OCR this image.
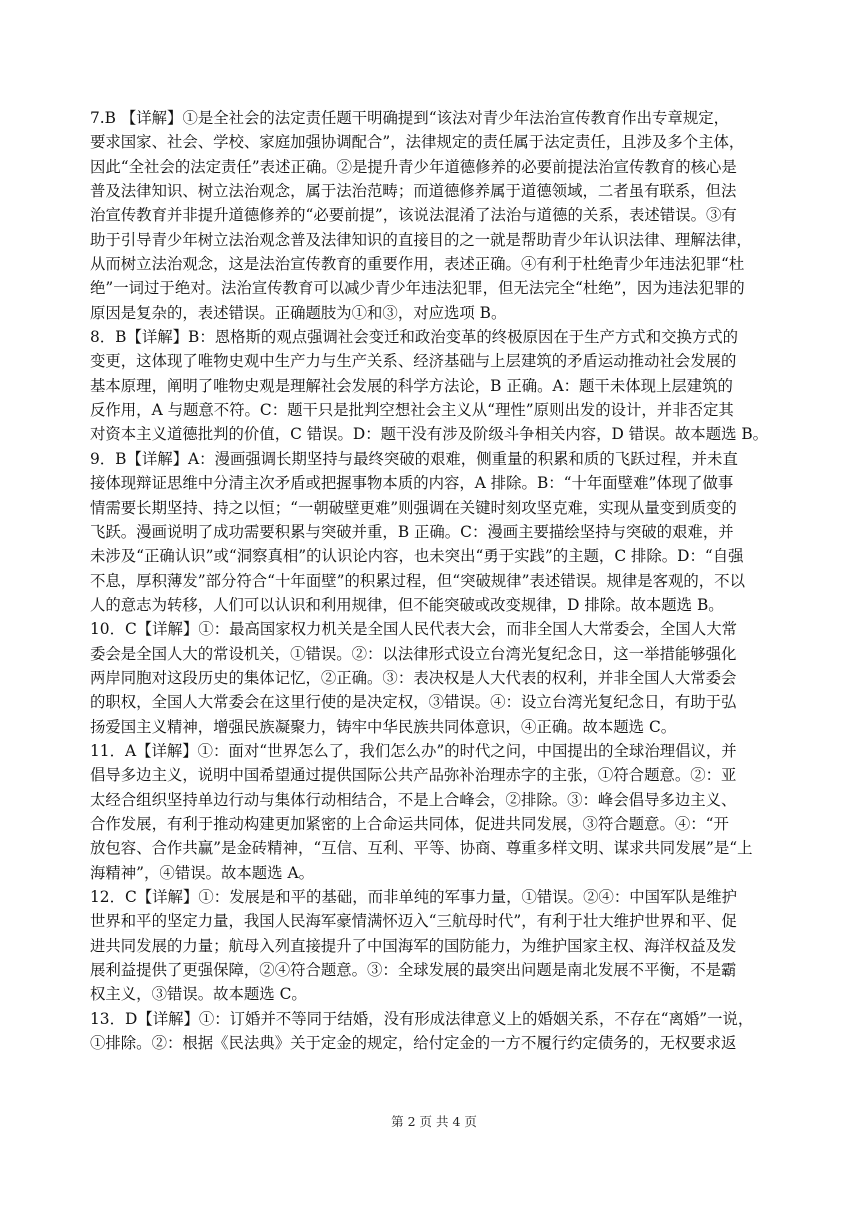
7.B 【详解】①是全社会的法定责任题干明确提到“该法对青少年法治宣传教育作出专章规定，
要求国家、社会、学校、家庭加强协调配合”，法律规定的责任属于法定责任，且涉及多个主体，
因此“全社会的法定责任”表述正确。②是提升青少年道德修养的必要前提法治宣传教育的核心是
普及法律知识、树立法治观念，属于法治范畴；而道德修养属于道德领域，二者虽有联系，但法
治宣传教育并非提升道德修养的“必要前提”，该说法混淆了法治与道德的关系，表述错误。③有
助于引导青少年树立法治观念普及法律知识的直接目的之一就是帮助青少年认识法律、理解法律，
从而树立法治观念，这是法治宣传教育的重要作用，表述正确。④有利于杜绝青少年违法犯罪“杜
绝”一词过于绝对。法治宣传教育可以减少青少年违法犯罪，但无法完全“杜绝”，因为违法犯罪的
原因是复杂的，表述错误。正确题肢为①和③，对应选项 B。
8．B【详解】B：恩格斯的观点强调社会变迁和政治变革的终极原因在于生产方式和交换方式的
变更，这体现了唯物史观中生产力与生产关系、经济基础与上层建筑的矛盾运动推动社会发展的
基本原理，阐明了唯物史观是理解社会发展的科学方法论，B 正确。A：题干未体现上层建筑的
反作用，A 与题意不符。C：题干只是批判空想社会主义从“理性”原则出发的设计，并非否定其
对资本主义道德批判的价值，C 错误。D：题干没有涉及阶级斗争相关内容，D 错误。故本题选 B。
9．B【详解】A：漫画强调长期坚持与最终突破的艰难，侧重量的积累和质的飞跃过程，并未直
接体现辩证思维中分清主次矛盾或把握事物本质的内容，A 排除。B：“十年面壁难”体现了做事
情需要长期坚持、持之以恒；“一朝破壁更难”则强调在关键时刻攻坚克难，实现从量变到质变的
飞跃。漫画说明了成功需要积累与突破并重，B 正确。C：漫画主要描绘坚持与突破的艰难，并
未涉及“正确认识”或“洞察真相”的认识论内容，也未突出“勇于实践”的主题，C 排除。D：“自强
不息，厚积薄发”部分符合“十年面壁”的积累过程，但“突破规律”表述错误。规律是客观的，不以
人的意志为转移，人们可以认识和利用规律，但不能突破或改变规律，D 排除。故本题选 B。
10．C【详解】①：最高国家权力机关是全国人民代表大会，而非全国人大常委会，全国人大常
委会是全国人大的常设机关，①错误。②：以法律形式设立台湾光复纪念日，这一举措能够强化
两岸同胞对这段历史的集体记忆，②正确。③：表决权是人大代表的权利，并非全国人大常委会
的职权，全国人大常委会在这里行使的是决定权，③错误。④：设立台湾光复纪念日，有助于弘
扬爱国主义精神，增强民族凝聚力，铸牢中华民族共同体意识，④正确。故本题选 C。
11．A【详解】①：面对“世界怎么了，我们怎么办”的时代之问，中国提出的全球治理倡议，并
倡导多边主义，说明中国希望通过提供国际公共产品弥补治理赤字的主张，①符合题意。②：亚
太经合组织坚持单边行动与集体行动相结合，不是上合峰会，②排除。③：峰会倡导多边主义、
合作发展，有利于推动构建更加紧密的上合命运共同体，促进共同发展，③符合题意。④：“开
放包容、合作共赢”是金砖精神，“互信、互利、平等、协商、尊重多样文明、谋求共同发展”是“上
海精神”，④错误。故本题选 A。
12．C【详解】①：发展是和平的基础，而非单纯的军事力量，①错误。②④：中国军队是维护
世界和平的坚定力量，我国人民海军豪情满怀迈入“三航母时代”，有利于壮大维护世界和平、促
进共同发展的力量；航母入列直接提升了中国海军的国防能力，为维护国家主权、海洋权益及发
展利益提供了更强保障，②④符合题意。③：全球发展的最突出问题是南北发展不平衡，不是霸
权主义，③错误。故本题选 C。
13．D【详解】①：订婚并不等同于结婚，没有形成法律意义上的婚姻关系，不存在“离婚”一说，
①排除。②：根据《民法典》关于定金的规定，给付定金的一方不履行约定债务的，无权要求返
第 2 页 共 4 页
